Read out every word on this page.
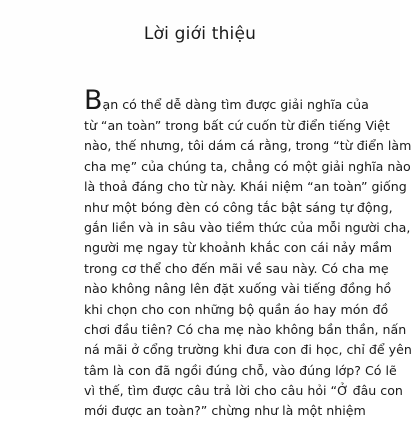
Lời giới thiệu
Bạn có thể dễ dàng tìm được giải nghĩa của
từ “an toàn” trong bất cứ cuốn từ điển tiếng Việt
nào, thế nhưng, tôi dám cá rằng, trong “từ điển làm
cha mẹ” của chúng ta, chẳng có một giải nghĩa nào
là thoả đáng cho từ này. Khái niệm “an toàn” giống
như một bóng đèn có công tắc bật sáng tự động,
gắn liền và in sâu vào tiềm thức của mỗi người cha,
người mẹ ngay từ khoảnh khắc con cái nảy mầm
trong cơ thể cho đến mãi về sau này. Có cha mẹ
nào không nâng lên đặt xuống vài tiếng đồng hồ
khi chọn cho con những bộ quần áo hay món đồ
chơi đầu tiên? Có cha mẹ nào không bần thần, nấn
ná mãi ở cổng trường khi đưa con đi học, chỉ để yên
tâm là con đã ngồi đúng chỗ, vào đúng lớp? Có lẽ
vì thế, tìm được câu trả lời cho câu hỏi “Ở đâu con
mới được an toàn?” chừng như là một nhiệm
